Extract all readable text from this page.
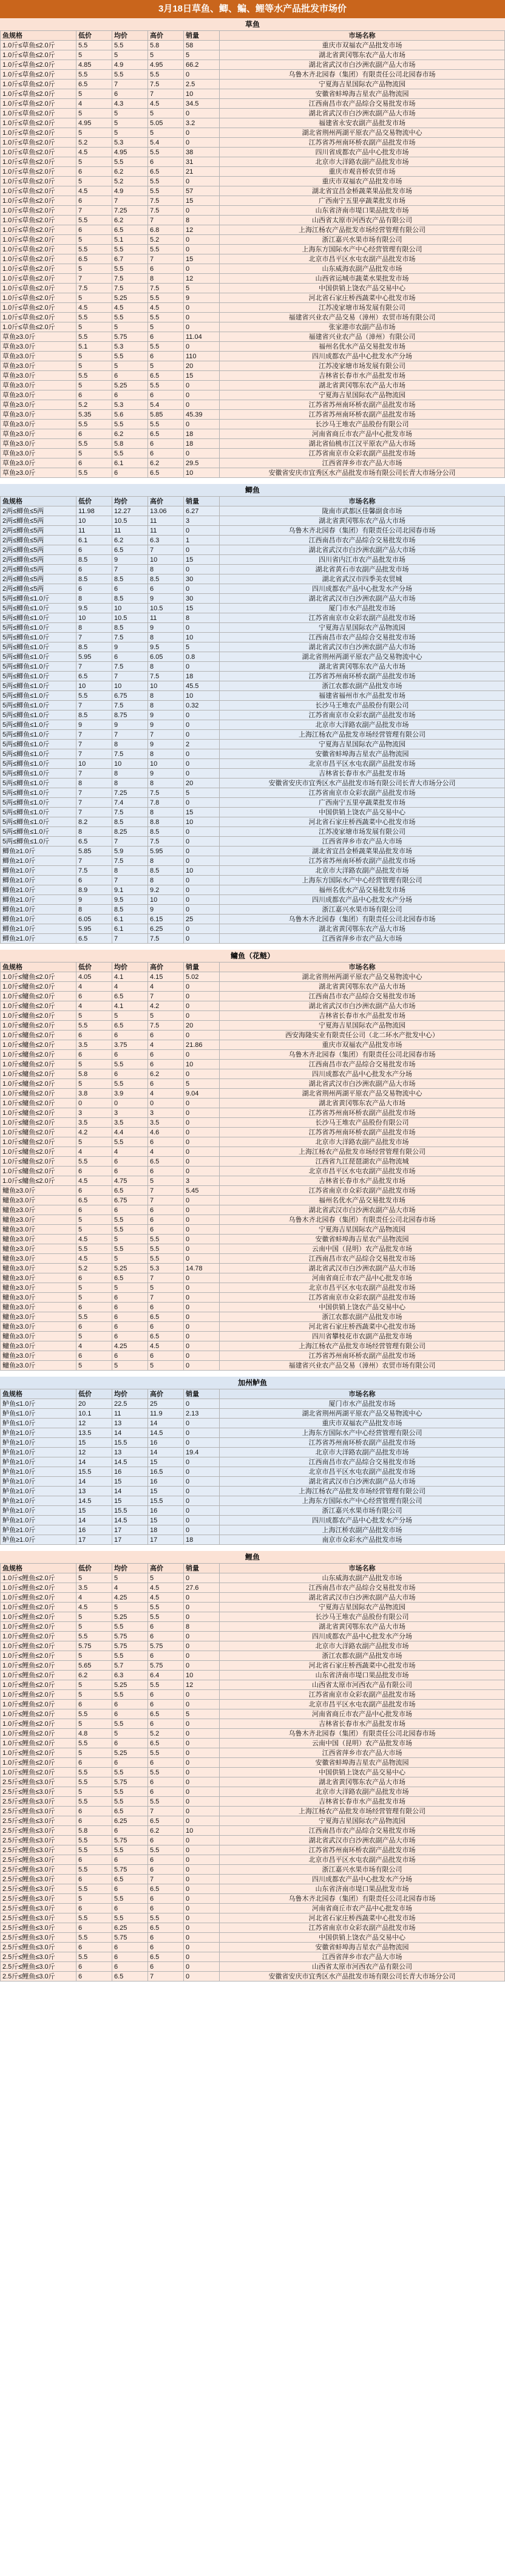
3月18日草鱼、鲫、鳊、鲤等水产品批发市场价
草鱼
鱼规格	低价	均价	高价	销量	市场名称
1.0斤≤草鱼≤2.0斤	5.5	5.5	5.8	58	重庆市双福农产品批发市场
1.0斤≤草鱼≤2.0斤	5	5	5	5	湖北省黄冈鄂东农产品大市场
1.0斤≤草鱼≤2.0斤	4.85	4.9	4.95	66.2	湖北省武汉市白沙洲农副产品大市场
1.0斤≤草鱼≤2.0斤	5.5	5.5	5.5	0	乌鲁木齐北园春（集团）有限责任公司北园春市场
1.0斤≤草鱼≤2.0斤	6.5	7	7.5	2.5	宁夏海吉星国际农产品物流园
1.0斤≤草鱼≤2.0斤	5	6	7	10	安徽省蚌埠海吉星农产品物流园
1.0斤≤草鱼≤2.0斤	4	4.3	4.5	34.5	江西南昌市农产品综合交易批发市场
1.0斤≤草鱼≤2.0斤	5	5	5	0	湖北省武汉市白沙洲农副产品大市场
1.0斤≤草鱼≤2.0斤	4.95	5	5.05	3.2	福建省永安农副产品批发市场
1.0斤≤草鱼≤2.0斤	5	5	5	0	湖北省荆州两湖平原农产品交易物流中心
1.0斤≤草鱼≤2.0斤	5.2	5.3	5.4	0	江苏省苏州南环桥农副产品批发市场
1.0斤≤草鱼≤2.0斤	4.5	4.95	5.5	38	四川省成都农产品中心批发市场
1.0斤≤草鱼≤2.0斤	5	5.5	6	31	北京市大洋路农副产品批发市场
1.0斤≤草鱼≤2.0斤	6	6.2	6.5	21	重庆市观音桥农贸市场
1.0斤≤草鱼≤2.0斤	5	5.2	5.5	0	重庆市双福农产品批发市场
1.0斤≤草鱼≤2.0斤	4.5	4.9	5.5	57	湖北省宜昌金桥蔬菜果品批发市场
1.0斤≤草鱼≤2.0斤	6	7	7.5	15	广西南宁五里亭蔬菜批发市场
1.0斤≤草鱼≤2.0斤	7	7.25	7.5	0	山东省济南市堤口果品批发市场
1.0斤≤草鱼≤2.0斤	5.5	6.2	7	8	山西省太原市河西农产品有限公司
1.0斤≤草鱼≤2.0斤	6	6.5	6.8	12	上海江杨农产品批发市场经营管理有限公司
1.0斤≤草鱼≤2.0斤	5	5.1	5.2	0	浙江嘉兴水果市场有限公司
1.0斤≤草鱼≤2.0斤	5.5	5.5	5.5	0	上海东方国际水产中心经营管理有限公司
1.0斤≤草鱼≤2.0斤	6.5	6.7	7	15	北京市昌平区水屯农副产品批发市场
1.0斤≤草鱼≤2.0斤	5	5.5	6	0	山东威海农副产品批发市场
1.0斤≤草鱼≤2.0斤	7	7.5	8	12	山西省运城市蔬菜水果批发市场
1.0斤≤草鱼≤2.0斤	7.5	7.5	7.5	5	中国供销上饶农产品交易中心
1.0斤≤草鱼≤2.0斤	5	5.25	5.5	9	河北省石家庄桥西蔬菜中心批发市场
1.0斤≤草鱼≤2.0斤	4.5	4.5	4.5	0	江苏凌家塘市场发展有限公司
1.0斤≤草鱼≤2.0斤	5.5	5.5	5.5	0	福建省兴业农产品交易（漳州）农贸市场有限公司
1.0斤≤草鱼≤2.0斤	5	5	5	0	张家港市农副产品市场
草鱼≥3.0斤	5.5	5.75	6	11.04	福建省兴业农产品（漳州）有限公司
草鱼≥3.0斤	5.1	5.3	5.5	0	福州名优水产品交易批发市场
草鱼≥3.0斤	5	5.5	6	110	四川成都农产品中心批发水产分场
草鱼≥3.0斤	5	5	5	20	江苏凌家塘市场发展有限公司
草鱼≥3.0斤	5.5	6	6.5	15	吉林省长春市水产品批发市场
草鱼≥3.0斤	5	5.25	5.5	0	湖北省黄冈鄂东农产品大市场
草鱼≥3.0斤	6	6	6	0	宁夏海吉星国际农产品物流园
草鱼≥3.0斤	5.2	5.3	5.4	0	江苏省苏州南环桥农副产品批发市场
草鱼≥3.0斤	5.35	5.6	5.85	45.39	江苏省苏州南环桥农副产品批发市场
草鱼≥3.0斤	5.5	5.5	5.5	0	长沙马王堆农产品股份有限公司
草鱼≥3.0斤	6	6.2	6.5	18	河南省商丘市农产品中心批发市场
草鱼≥3.0斤	5.5	5.8	6	18	湖北省仙桃市江汉平原农产品大市场
草鱼≥3.0斤	5	5.5	6	0	江苏省南京市众彩农副产品批发市场
草鱼≥3.0斤	6	6.1	6.2	29.5	江西省萍乡市农产品大市场
草鱼≥3.0斤	5.5	6	6.5	10	安徽省安庆市宜秀区水产品批发市场有限公司长青大市场分公司
鲫鱼
鱼规格	低价	均价	高价	销量	市场名称
2两≤鲫鱼≤5两	11.98	12.27	13.06	6.27	陇南市武都区佳馨副食市场
2两≤鲫鱼≤5两	10	10.5	11	3	湖北省黄冈鄂东农产品大市场
2两≤鲫鱼≤5两	11	11	11	0	乌鲁木齐北园春（集团）有限责任公司北园春市场
2两≤鲫鱼≤5两	6.1	6.2	6.3	1	江西南昌市农产品综合交易批发市场
2两≤鲫鱼≤5两	6	6.5	7	0	湖北省武汉市白沙洲农副产品大市场
2两≤鲫鱼≤5两	8.5	9	10	15	四川省内江市农产品批发市场
2两≤鲫鱼≤5两	6	7	8	0	湖北省黄石市农副产品批发市场
2两≤鲫鱼≤5两	8.5	8.5	8.5	30	湖北省武汉市四季美农贸城
2两≤鲫鱼≤5两	6	6	6	0	四川成都农产品中心批发水产分场
5两≤鲫鱼≤1.0斤	8	8.5	9	30	湖北省武汉市白沙洲农副产品大市场
5两≤鲫鱼≤1.0斤	9.5	10	10.5	15	厦门市水产品批发市场
5两≤鲫鱼≤1.0斤	10	10.5	11	8	江苏省南京市众彩农副产品批发市场
5两≤鲫鱼≤1.0斤	8	8.5	9	0	宁夏海吉星国际农产品物流园
5两≤鲫鱼≤1.0斤	7	7.5	8	10	江西南昌市农产品综合交易批发市场
5两≤鲫鱼≤1.0斤	8.5	9	9.5	5	湖北省武汉市白沙洲农副产品大市场
5两≤鲫鱼≤1.0斤	5.95	6	6.05	0.8	湖北省荆州两湖平原农产品交易物流中心
5两≤鲫鱼≤1.0斤	7	7.5	8	0	湖北省黄冈鄂东农产品大市场
5两≤鲫鱼≤1.0斤	6.5	7	7.5	18	江苏省苏州南环桥农副产品批发市场
5两≤鲫鱼≤1.0斤	10	10	10	45.5	浙江农都农副产品批发市场
5两≤鲫鱼≤1.0斤	5.5	6.75	8	10	福建省福州市水产品批发市场
5两≤鲫鱼≤1.0斤	7	7.5	8	0.32	长沙马王堆农产品股份有限公司
5两≤鲫鱼≤1.0斤	8.5	8.75	9	0	江苏省南京市众彩农副产品批发市场
5两≤鲫鱼≤1.0斤	9	9	9	0	北京市大洋路农副产品批发市场
5两≤鲫鱼≤1.0斤	7	7	7	0	上海江杨农产品批发市场经营管理有限公司
5两≤鲫鱼≤1.0斤	7	8	9	2	宁夏海吉星国际农产品物流园
5两≤鲫鱼≤1.0斤	7	7.5	8	0	安徽省蚌埠海吉星农产品物流园
5两≤鲫鱼≤1.0斤	10	10	10	0	北京市昌平区水屯农副产品批发市场
5两≤鲫鱼≤1.0斤	7	8	9	0	吉林省长春市水产品批发市场
5两≤鲫鱼≤1.0斤	8	8	8	20	安徽省安庆市宜秀区水产品批发市场有限公司长青大市场分公司
5两≤鲫鱼≤1.0斤	7	7.25	7.5	5	江苏省南京市众彩农副产品批发市场
5两≤鲫鱼≤1.0斤	7	7.4	7.8	0	广西南宁五里亭蔬菜批发市场
5两≤鲫鱼≤1.0斤	7	7.5	8	15	中国供销上饶农产品交易中心
5两≤鲫鱼≤1.0斤	8.2	8.5	8.8	10	河北省石家庄桥西蔬菜中心批发市场
5两≤鲫鱼≤1.0斤	8	8.25	8.5	0	江苏凌家塘市场发展有限公司
5两≤鲫鱼≤1.0斤	6.5	7	7.5	0	江西省萍乡市农产品大市场
鲫鱼≥1.0斤	5.85	5.9	5.95	0	湖北省宜昌金桥蔬菜果品批发市场
鲫鱼≥1.0斤	7	7.5	8	0	江苏省苏州南环桥农副产品批发市场
鲫鱼≥1.0斤	7.5	8	8.5	10	北京市大洋路农副产品批发市场
鲫鱼≥1.0斤	6	7	8	0	上海东方国际水产中心经营管理有限公司
鲫鱼≥1.0斤	8.9	9.1	9.2	0	福州名优水产品交易批发市场
鲫鱼≥1.0斤	9	9.5	10	0	四川成都农产品中心批发水产分场
鲫鱼≥1.0斤	8	8.5	9	0	浙江嘉兴水果市场有限公司
鲫鱼≥1.0斤	6.05	6.1	6.15	25	乌鲁木齐北园春（集团）有限责任公司北园春市场
鲫鱼≥1.0斤	5.95	6.1	6.25	0	湖北省黄冈鄂东农产品大市场
鲫鱼≥1.0斤	6.5	7	7.5	0	江西省萍乡市农产品大市场
鳙鱼（花鲢）
鱼规格	低价	均价	高价	销量	市场名称
1.0斤≤鳙鱼≤2.0斤	4.05	4.1	4.15	5.02	湖北省荆州两湖平原农产品交易物流中心
1.0斤≤鳙鱼≤2.0斤	4	4	4	0	湖北省黄冈鄂东农产品大市场
1.0斤≤鳙鱼≤2.0斤	6	6.5	7	0	江西南昌市农产品综合交易批发市场
1.0斤≤鳙鱼≤2.0斤	4	4.1	4.2	0	湖北省武汉市白沙洲农副产品大市场
1.0斤≤鳙鱼≤2.0斤	5	5	5	0	吉林省长春市水产品批发市场
1.0斤≤鳙鱼≤2.0斤	5.5	6.5	7.5	20	宁夏海吉星国际农产品物流园
1.0斤≤鳙鱼≤2.0斤	6	6	6	0	西安海隆实业有限责任公司（北二环水产批发中心）
1.0斤≤鳙鱼≤2.0斤	3.5	3.75	4	21.86	重庆市双福农产品批发市场
1.0斤≤鳙鱼≤2.0斤	6	6	6	0	乌鲁木齐北园春（集团）有限责任公司北园春市场
1.0斤≤鳙鱼≤2.0斤	5	5.5	6	10	江西南昌市农产品综合交易批发市场
1.0斤≤鳙鱼≤2.0斤	5.8	6	6.2	0	四川成都农产品中心批发水产分场
1.0斤≤鳙鱼≤2.0斤	5	5.5	6	5	湖北省武汉市白沙洲农副产品大市场
1.0斤≤鳙鱼≤2.0斤	3.8	3.9	4	9.04	湖北省荆州两湖平原农产品交易物流中心
1.0斤≤鳙鱼≤2.0斤	0	0	0	0	湖北省黄冈鄂东农产品大市场
1.0斤≤鳙鱼≤2.0斤	3	3	3	0	江苏省苏州南环桥农副产品批发市场
1.0斤≤鳙鱼≤2.0斤	3.5	3.5	3.5	0	长沙马王堆农产品股份有限公司
1.0斤≤鳙鱼≤2.0斤	4.2	4.4	4.6	0	江苏省苏州南环桥农副产品批发市场
1.0斤≤鳙鱼≤2.0斤	5	5.5	6	0	北京市大洋路农副产品批发市场
1.0斤≤鳙鱼≤2.0斤	4	4	4	0	上海江杨农产品批发市场经营管理有限公司
1.0斤≤鳙鱼≤2.0斤	5.5	6	6.5	0	江西省九江琵琶湖农产品物流城
1.0斤≤鳙鱼≤2.0斤	6	6	6	0	北京市昌平区水屯农副产品批发市场
1.0斤≤鳙鱼≤2.0斤	4.5	4.75	5	3	吉林省长春市水产品批发市场
鳙鱼≥3.0斤	6	6.5	7	5.45	江苏省南京市众彩农副产品批发市场
鳙鱼≥3.0斤	6.5	6.75	7	0	福州名优水产品交易批发市场
鳙鱼≥3.0斤	6	6	6	0	湖北省武汉市白沙洲农副产品大市场
鳙鱼≥3.0斤	5	5.5	6	0	乌鲁木齐北园春（集团）有限责任公司北园春市场
鳙鱼≥3.0斤	5	5.5	6	0	宁夏海吉星国际农产品物流园
鳙鱼≥3.0斤	4.5	5	5.5	0	安徽省蚌埠海吉星农产品物流园
鳙鱼≥3.0斤	5.5	5.5	5.5	0	云南中国（昆明）农产品批发市场
鳙鱼≥3.0斤	4.5	5	5.5	0	江西南昌市农产品综合交易批发市场
鳙鱼≥3.0斤	5.2	5.25	5.3	14.78	湖北省武汉市白沙洲农副产品大市场
鳙鱼≥3.0斤	6	6.5	7	0	河南省商丘市农产品中心批发市场
鳙鱼≥3.0斤	5	5	5	0	北京市昌平区水屯农副产品批发市场
鳙鱼≥3.0斤	5	6	7	0	江苏省南京市众彩农副产品批发市场
鳙鱼≥3.0斤	6	6	6	0	中国供销上饶农产品交易中心
鳙鱼≥3.0斤	5.5	6	6.5	0	浙江农都农副产品批发市场
鳙鱼≥3.0斤	6	6	6	0	河北省石家庄桥西蔬菜中心批发市场
鳙鱼≥3.0斤	5	6	6.5	0	四川省攀枝花市农副产品批发市场
鳙鱼≥3.0斤	4	4.25	4.5	0	上海江杨农产品批发市场经营管理有限公司
鳙鱼≥3.0斤	6	6	6	0	江苏省苏州南环桥农副产品批发市场
鳙鱼≥3.0斤	5	5	5	0	福建省兴业农产品交易（漳州）农贸市场有限公司
加州鲈鱼
鱼规格	低价	均价	高价	销量	市场名称
鲈鱼≤1.0斤	20	22.5	25	0	厦门市水产品批发市场
鲈鱼≤1.0斤	10.1	11	11.9	2.13	湖北省荆州两湖平原农产品交易物流中心
鲈鱼≤1.0斤	12	13	14	0	重庆市双福农产品批发市场
鲈鱼≥1.0斤	13.5	14	14.5	0	上海东方国际水产中心经营管理有限公司
鲈鱼≥1.0斤	15	15.5	16	0	江苏省苏州南环桥农副产品批发市场
鲈鱼≥1.0斤	12	13	14	19.4	北京市大洋路农副产品批发市场
鲈鱼≥1.0斤	14	14.5	15	0	江西南昌市农产品综合交易批发市场
鲈鱼≥1.0斤	15.5	16	16.5	0	北京市昌平区水屯农副产品批发市场
鲈鱼≥1.0斤	14	15	16	0	湖北省武汉市白沙洲农副产品大市场
鲈鱼≥1.0斤	13	14	15	0	上海江杨农产品批发市场经营管理有限公司
鲈鱼≥1.0斤	14.5	15	15.5	0	上海东方国际水产中心经营管理有限公司
鲈鱼≥1.0斤	15	15.5	16	0	浙江嘉兴水果市场有限公司
鲈鱼≥1.0斤	14	14.5	15	0	四川成都农产品中心批发水产分场
鲈鱼≥1.0斤	16	17	18	0	上海江桥农副产品批发市场
鲈鱼≥1.0斤	17	17	17	18	南京市众彩水产品批发市场
鲤鱼
鱼规格	低价	均价	高价	销量	市场名称
1.0斤≤鲤鱼≤2.0斤	5	5	5	0	山东威海农副产品批发市场
1.0斤≤鲤鱼≤2.0斤	3.5	4	4.5	27.6	江西南昌市农产品综合交易批发市场
1.0斤≤鲤鱼≤2.0斤	4	4.25	4.5	0	湖北省武汉市白沙洲农副产品大市场
1.0斤≤鲤鱼≤2.0斤	4.5	5	5.5	0	宁夏海吉星国际农产品物流园
1.0斤≤鲤鱼≤2.0斤	5	5.25	5.5	0	长沙马王堆农产品股份有限公司
1.0斤≤鲤鱼≤2.0斤	5	5.5	6	8	湖北省黄冈鄂东农产品大市场
1.0斤≤鲤鱼≤2.0斤	5.5	5.75	6	0	四川成都农产品中心批发水产分场
1.0斤≤鲤鱼≤2.0斤	5.75	5.75	5.75	0	北京市大洋路农副产品批发市场
1.0斤≤鲤鱼≤2.0斤	5	5.5	6	0	浙江农都农副产品批发市场
1.0斤≤鲤鱼≤2.0斤	5.65	5.7	5.75	0	河北省石家庄桥西蔬菜中心批发市场
1.0斤≤鲤鱼≤2.0斤	6.2	6.3	6.4	10	山东省济南市堤口果品批发市场
1.0斤≤鲤鱼≤2.0斤	5	5.25	5.5	12	山西省太原市河西农产品有限公司
1.0斤≤鲤鱼≤2.0斤	5	5.5	6	0	江苏省南京市众彩农副产品批发市场
1.0斤≤鲤鱼≤2.0斤	6	6	6	0	北京市昌平区水屯农副产品批发市场
1.0斤≤鲤鱼≤2.0斤	5.5	6	6.5	5	河南省商丘市农产品中心批发市场
1.0斤≤鲤鱼≤2.0斤	5	5.5	6	0	吉林省长春市水产品批发市场
1.0斤≤鲤鱼≤2.0斤	4.8	5	5.2	0	乌鲁木齐北园春（集团）有限责任公司北园春市场
1.0斤≤鲤鱼≤2.0斤	5.5	6	6.5	0	云南中国（昆明）农产品批发市场
1.0斤≤鲤鱼≤2.0斤	5	5.25	5.5	0	江西省萍乡市农产品大市场
1.0斤≤鲤鱼≤2.0斤	6	6	6	0	安徽省蚌埠海吉星农产品物流园
1.0斤≤鲤鱼≤2.0斤	5.5	5.5	5.5	0	中国供销上饶农产品交易中心
2.5斤≤鲤鱼≤3.0斤	5.5	5.75	6	0	湖北省黄冈鄂东农产品大市场
2.5斤≤鲤鱼≤3.0斤	5	5.5	6	0	北京市大洋路农副产品批发市场
2.5斤≤鲤鱼≤3.0斤	5.5	5.5	5.5	0	吉林省长春市水产品批发市场
2.5斤≤鲤鱼≤3.0斤	6	6.5	7	0	上海江杨农产品批发市场经营管理有限公司
2.5斤≤鲤鱼≤3.0斤	6	6.25	6.5	0	宁夏海吉星国际农产品物流园
2.5斤≤鲤鱼≤3.0斤	5.8	6	6.2	10	江西南昌市农产品综合交易批发市场
2.5斤≤鲤鱼≤3.0斤	5.5	5.75	6	0	湖北省武汉市白沙洲农副产品大市场
2.5斤≤鲤鱼≤3.0斤	5.5	5.5	5.5	0	江苏省苏州南环桥农副产品批发市场
2.5斤≤鲤鱼≤3.0斤	6	6	6	0	北京市昌平区水屯农副产品批发市场
2.5斤≤鲤鱼≤3.0斤	5.5	5.75	6	0	浙江嘉兴水果市场有限公司
2.5斤≤鲤鱼≤3.0斤	6	6.5	7	0	四川成都农产品中心批发水产分场
2.5斤≤鲤鱼≤3.0斤	5.5	6	6.5	0	山东省济南市堤口果品批发市场
2.5斤≤鲤鱼≤3.0斤	5	5.5	6	0	乌鲁木齐北园春（集团）有限责任公司北园春市场
2.5斤≤鲤鱼≤3.0斤	6	6	6	0	河南省商丘市农产品中心批发市场
2.5斤≤鲤鱼≤3.0斤	5.5	5.5	5.5	0	河北省石家庄桥西蔬菜中心批发市场
2.5斤≤鲤鱼≤3.0斤	6	6.25	6.5	0	江苏省南京市众彩农副产品批发市场
2.5斤≤鲤鱼≤3.0斤	5.5	5.75	6	0	中国供销上饶农产品交易中心
2.5斤≤鲤鱼≤3.0斤	6	6	6	0	安徽省蚌埠海吉星农产品物流园
2.5斤≤鲤鱼≤3.0斤	5.5	6	6.5	0	江西省萍乡市农产品大市场
2.5斤≤鲤鱼≤3.0斤	6	6	6	0	山西省太原市河西农产品有限公司
2.5斤≤鲤鱼≤3.0斤	6	6.5	7	0	安徽省安庆市宜秀区水产品批发市场有限公司长青大市场分公司
